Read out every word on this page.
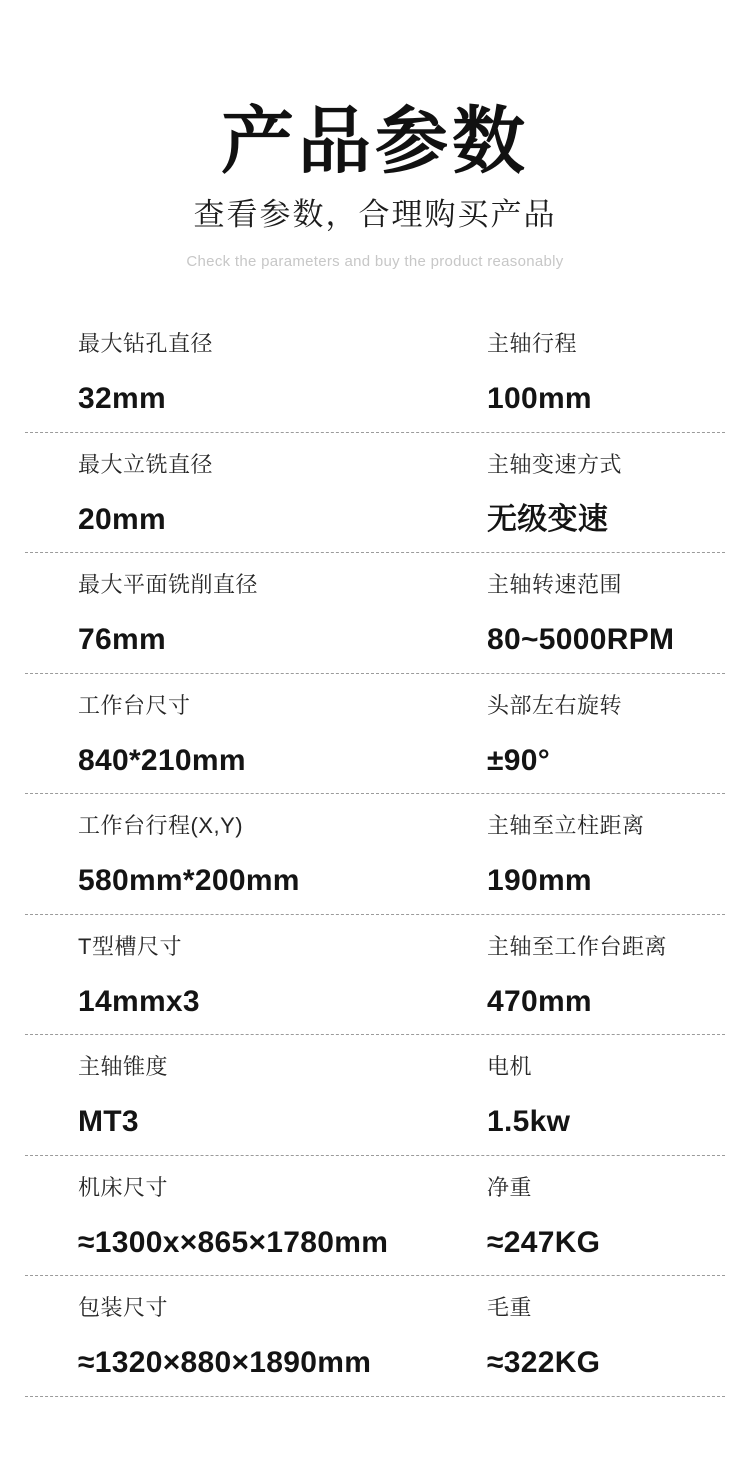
产品参数
查看参数，合理购买产品
Check the parameters and buy the product reasonably
最大钻孔直径
32mm
主轴行程
100mm
最大立铣直径
20mm
主轴变速方式
无级变速
最大平面铣削直径
76mm
主轴转速范围
80~5000RPM
工作台尺寸
840*210mm
头部左右旋转
±90°
工作台行程(X,Y)
580mm*200mm
主轴至立柱距离
190mm
T型槽尺寸
14mmx3
主轴至工作台距离
470mm
主轴锥度
MT3
电机
1.5kw
机床尺寸
≈1300x×865×1780mm
净重
≈247KG
包装尺寸
≈1320×880×1890mm
毛重
≈322KG
